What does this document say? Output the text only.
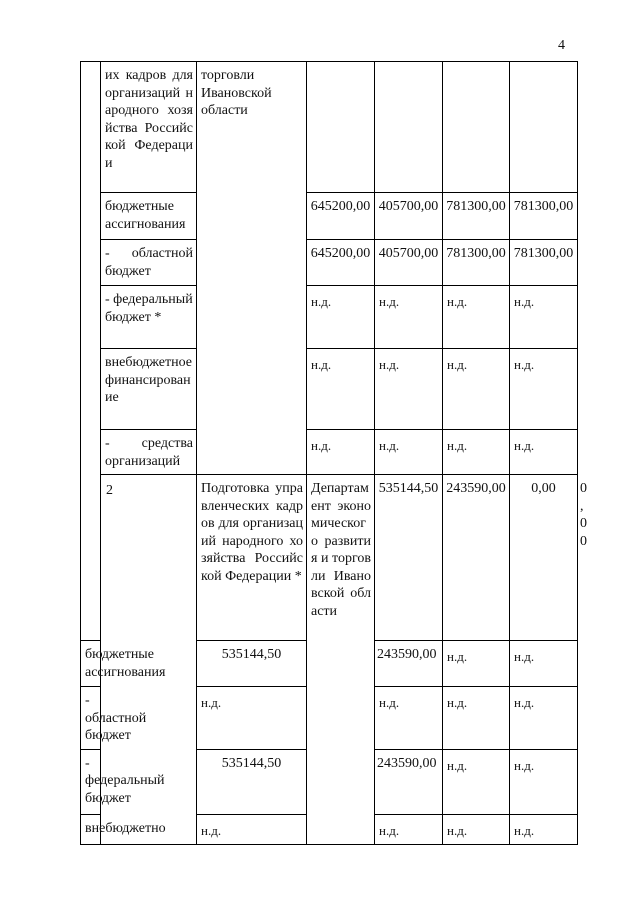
4
	их кадров для организаций народного хозяйства Российской Федерации	торговли Ивановской области					
	бюджетные ассигнования		645200,00	405700,00	781300,00	781300,00	
	- областной бюджет		645200,00	405700,00	781300,00	781300,00	
	- федеральный бюджет *		н.д.	н.д.	н.д.	н.д.	
	внебюджетное финансирование		н.д.	н.д.	н.д.	н.д.	
	- средства организаций		н.д.	н.д.	н.д.	н.д.	
	2	Подготовка управленческих кадров для организаций народного хозяйства Российской Федерации *	Департамент экономического развития и торговли Ивановской области	535144,50	243590,00	0,00	0,00
бюджетные ассигнования		535144,50		243590,00	н.д.	н.д.	
- областной бюджет		н.д.		н.д.	н.д.	н.д.	
- федеральный бюджет		535144,50		243590,00	н.д.	н.д.	
внебюджетно		н.д.		н.д.	н.д.	н.д.	
